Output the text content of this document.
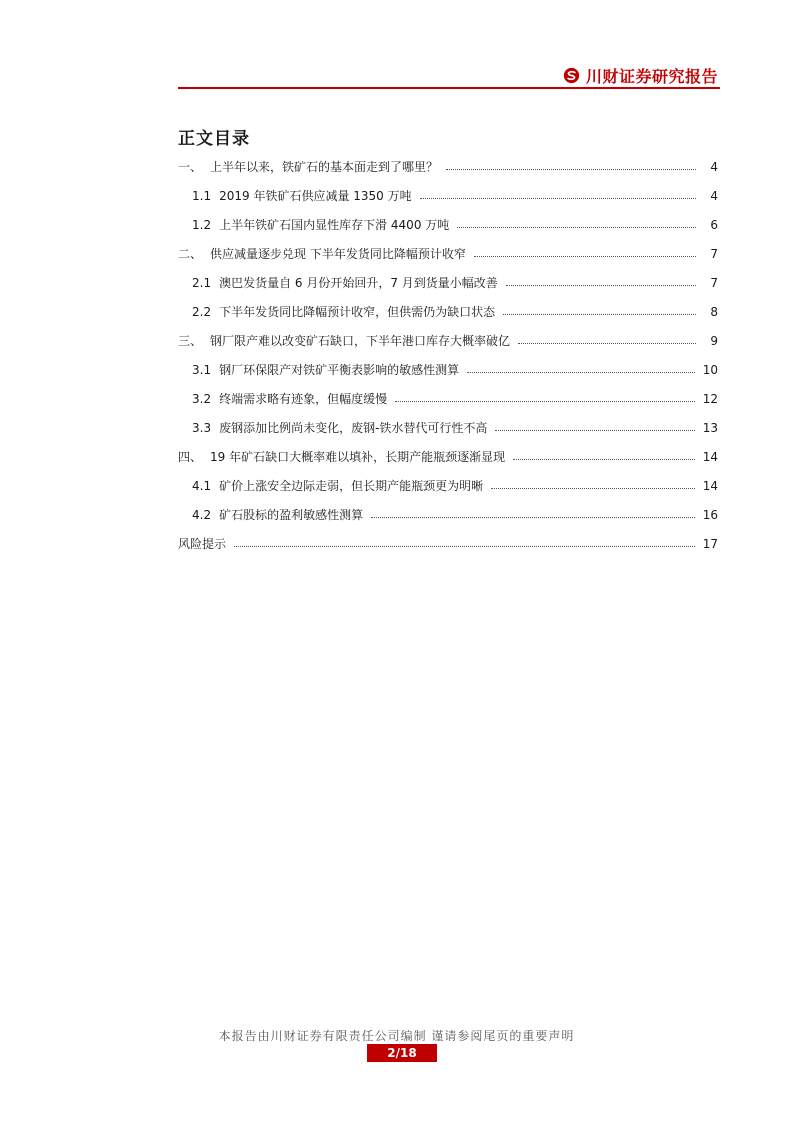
川财证券研究报告
正文目录
一、 上半年以来，铁矿石的基本面走到了哪里？	4
1.1 2019 年铁矿石供应减量 1350 万吨	4
1.2 上半年铁矿石国内显性库存下滑 4400 万吨	6
二、 供应减量逐步兑现 下半年发货同比降幅预计收窄	7
2.1 澳巴发货量自 6 月份开始回升，7 月到货量小幅改善	7
2.2 下半年发货同比降幅预计收窄，但供需仍为缺口状态	8
三、 钢厂限产难以改变矿石缺口，下半年港口库存大概率破亿	9
3.1 钢厂环保限产对铁矿平衡表影响的敏感性测算	10
3.2 终端需求略有迹象，但幅度缓慢	12
3.3 废钢添加比例尚未变化，废钢-铁水替代可行性不高	13
四、 19 年矿石缺口大概率难以填补，长期产能瓶颈逐渐显现	14
4.1 矿价上涨安全边际走弱，但长期产能瓶颈更为明晰	14
4.2 矿石股标的盈利敏感性测算	16
风险提示	17
本报告由川财证券有限责任公司编制 谨请参阅尾页的重要声明
2/18
